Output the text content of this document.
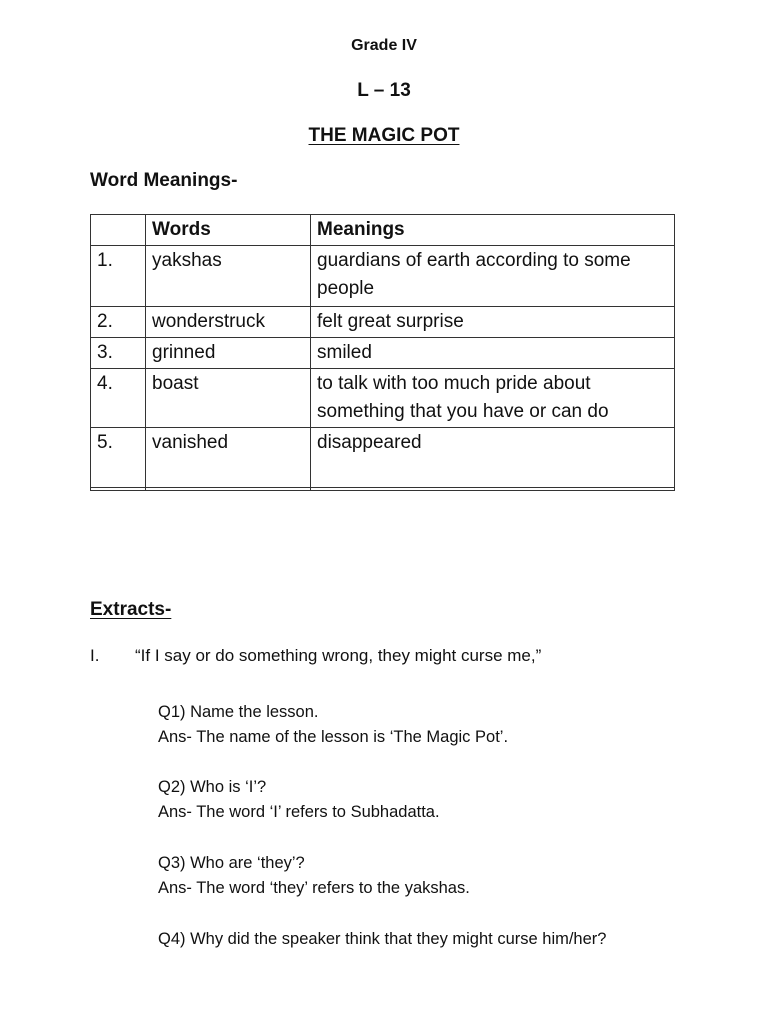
Grade IV
L – 13
THE MAGIC POT
Word Meanings-
	Words	Meanings
1.	yakshas	guardians of earth according to some people
2.	wonderstruck	felt great surprise
3.	grinned	smiled
4.	boast	to talk with too much pride about something that you have or can do
5.	vanished	disappeared

Extracts-
I. “If I say or do something wrong, they might curse me,”
Q1) Name the lesson.
Ans- The name of the lesson is ‘The Magic Pot’.
Q2) Who is ‘I’?
Ans- The word ‘I’ refers to Subhadatta.
Q3) Who are ‘they’?
Ans- The word ‘they’ refers to the yakshas.
Q4) Why did the speaker think that they might curse him/her?
